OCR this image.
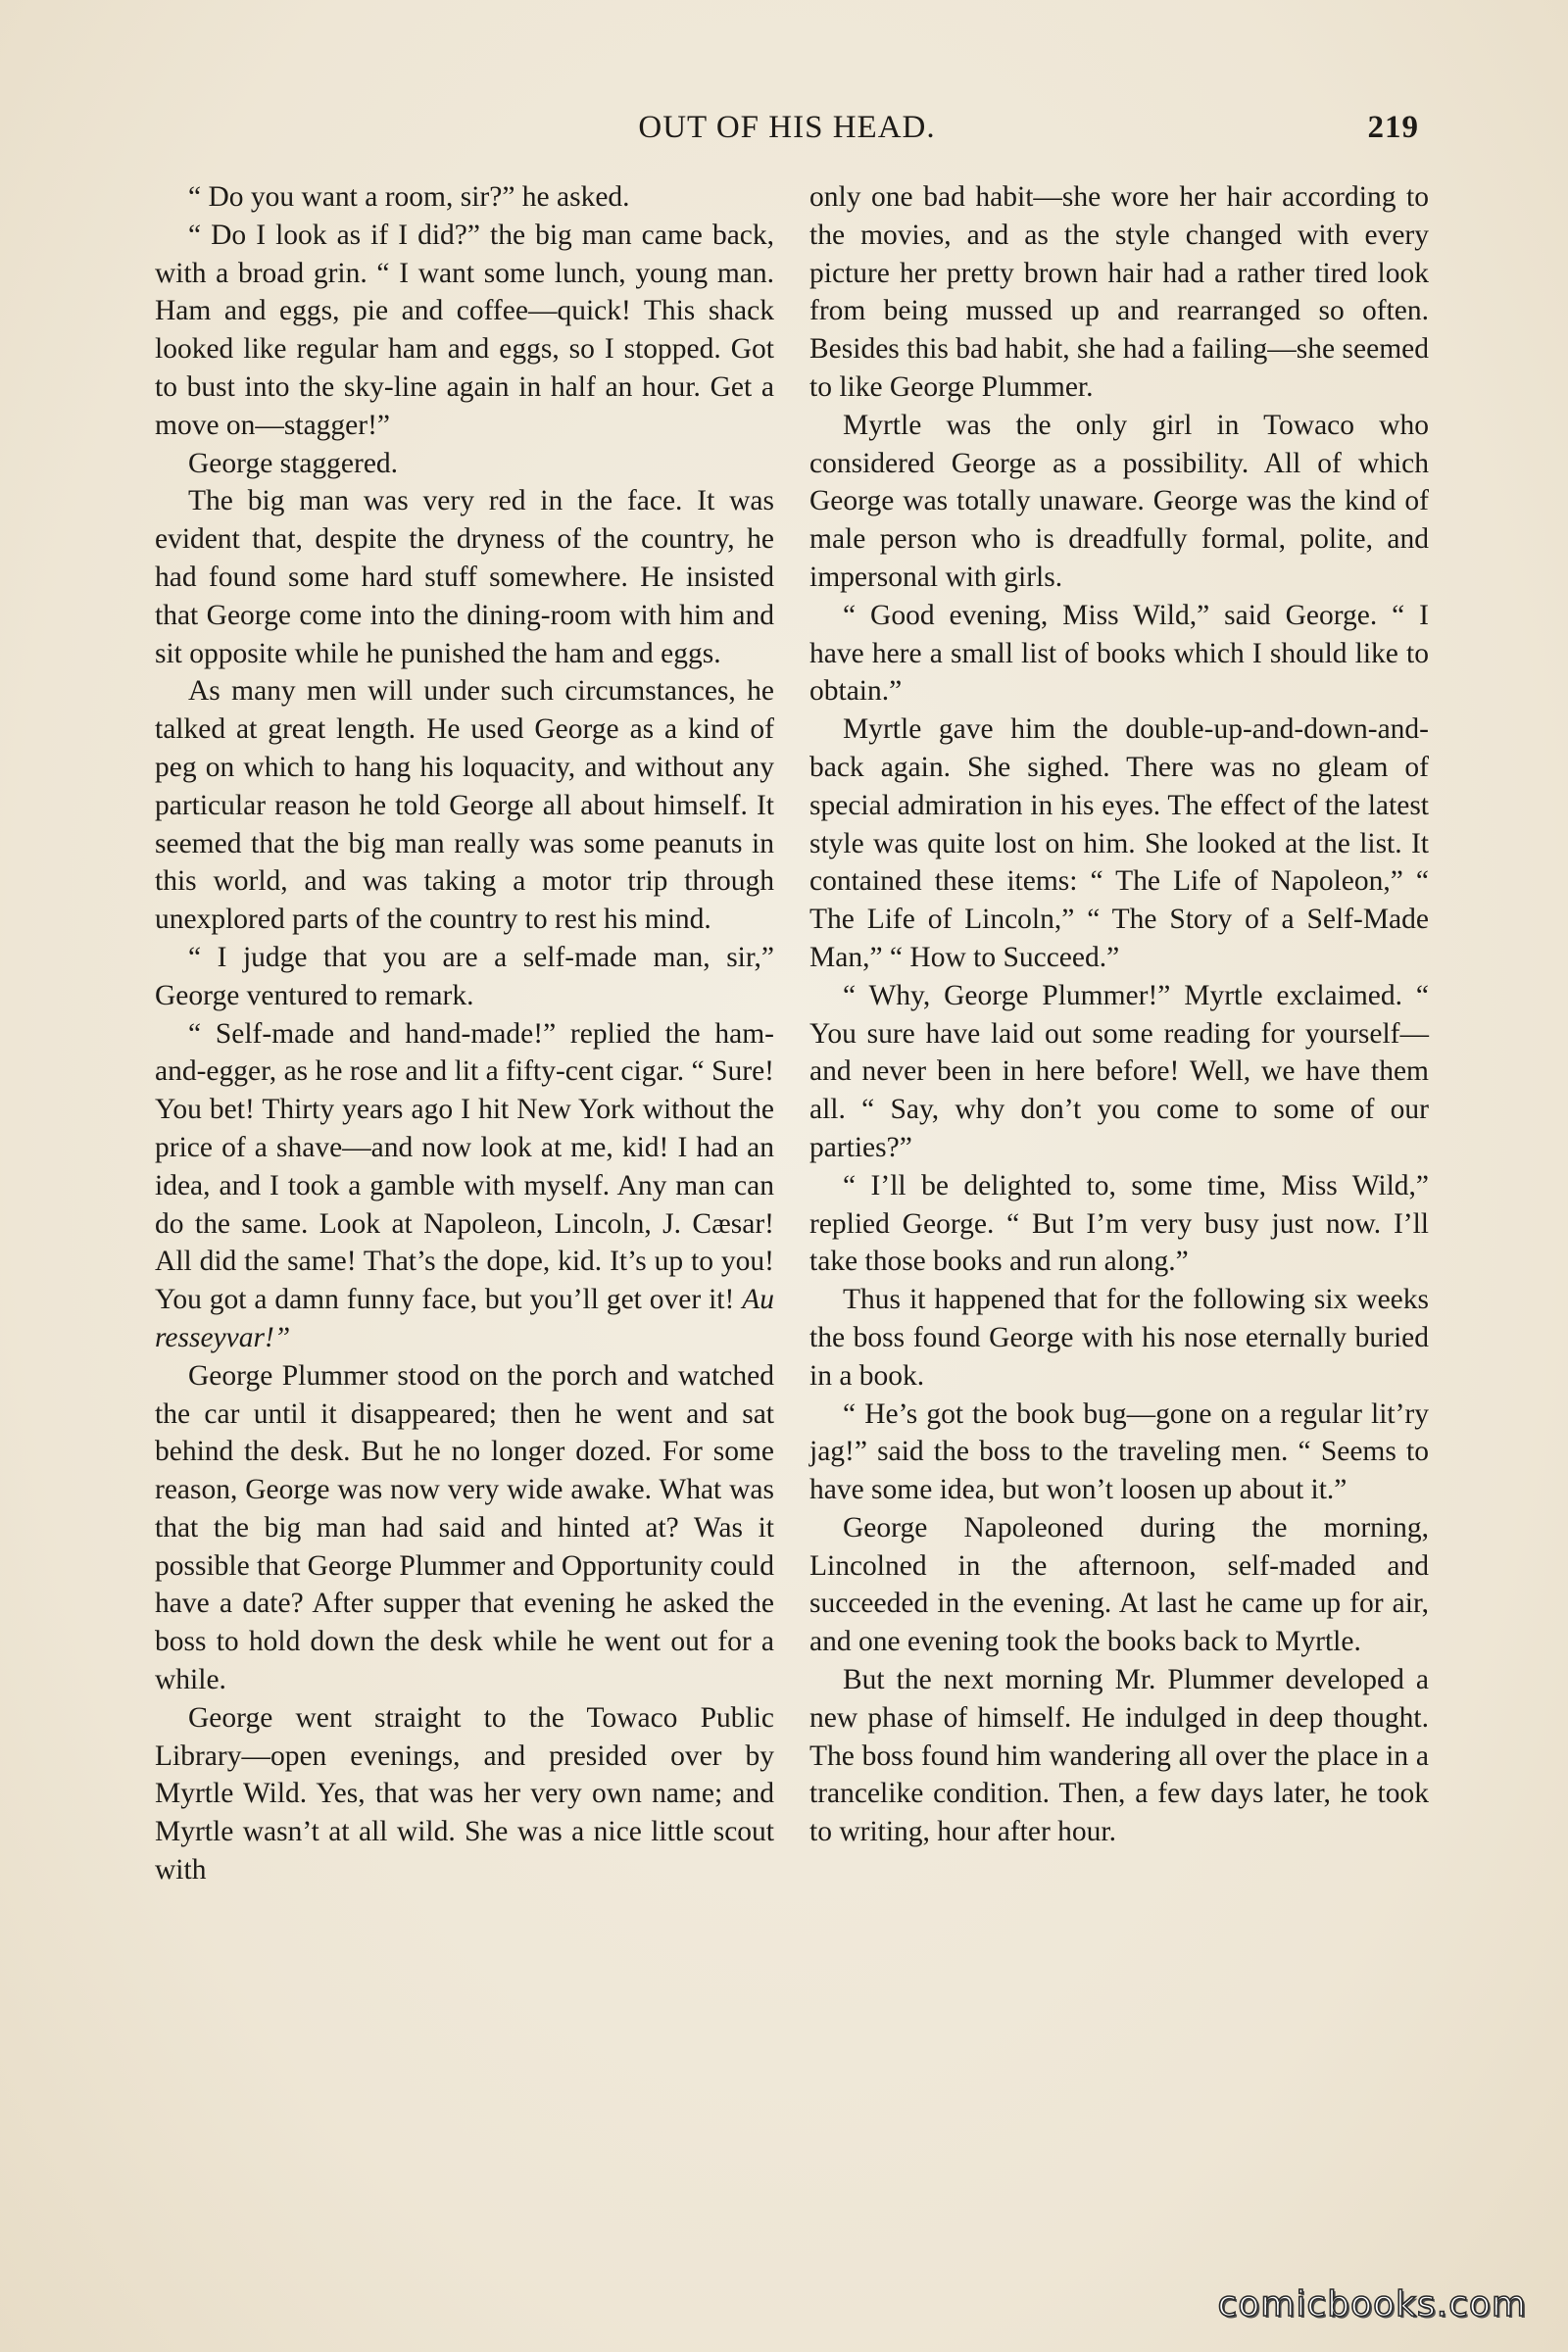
OUT OF HIS HEAD.	219

“ Do you want a room, sir?” he asked.

“ Do I look as if I did?” the big man came back, with a broad grin. “ I want some lunch, young man. Ham and eggs, pie and coffee—quick! This shack looked like regular ham and eggs, so I stopped. Got to bust into the sky-line again in half an hour. Get a move on—stagger!”

George staggered.

The big man was very red in the face. It was evident that, despite the dryness of the country, he had found some hard stuff somewhere. He insisted that George come into the dining-room with him and sit opposite while he punished the ham and eggs.

As many men will under such circumstances, he talked at great length. He used George as a kind of peg on which to hang his loquacity, and without any particular reason he told George all about himself. It seemed that the big man really was some peanuts in this world, and was taking a motor trip through unexplored parts of the country to rest his mind.

“ I judge that you are a self-made man, sir,” George ventured to remark.

“ Self-made and hand-made!” replied the ham-and-egger, as he rose and lit a fifty-cent cigar. “ Sure! You bet! Thirty years ago I hit New York without the price of a shave—and now look at me, kid! I had an idea, and I took a gamble with myself. Any man can do the same. Look at Napoleon, Lincoln, J. Cæsar! All did the same! That’s the dope, kid. It’s up to you! You got a damn funny face, but you’ll get over it! Au resseyvar!”

George Plummer stood on the porch and watched the car until it disappeared; then he went and sat behind the desk. But he no longer dozed. For some reason, George was now very wide awake. What was that the big man had said and hinted at? Was it possible that George Plummer and Opportunity could have a date? After supper that evening he asked the boss to hold down the desk while he went out for a while.

George went straight to the Towaco Public Library—open evenings, and presided over by Myrtle Wild. Yes, that was her very own name; and Myrtle wasn’t at all wild. She was a nice little scout with

only one bad habit—she wore her hair according to the movies, and as the style changed with every picture her pretty brown hair had a rather tired look from being mussed up and rearranged so often. Besides this bad habit, she had a failing—she seemed to like George Plummer.

Myrtle was the only girl in Towaco who considered George as a possibility. All of which George was totally unaware. George was the kind of male person who is dreadfully formal, polite, and impersonal with girls.

“ Good evening, Miss Wild,” said George. “ I have here a small list of books which I should like to obtain.”

Myrtle gave him the double-up-and-down-and-back again. She sighed. There was no gleam of special admiration in his eyes. The effect of the latest style was quite lost on him. She looked at the list. It contained these items: “ The Life of Napoleon,” “ The Life of Lincoln,” “ The Story of a Self-Made Man,” “ How to Succeed.”

“ Why, George Plummer!” Myrtle exclaimed. “ You sure have laid out some reading for yourself—and never been in here before! Well, we have them all. “ Say, why don’t you come to some of our parties?”

“ I’ll be delighted to, some time, Miss Wild,” replied George. “ But I’m very busy just now. I’ll take those books and run along.”

Thus it happened that for the following six weeks the boss found George with his nose eternally buried in a book.

“ He’s got the book bug—gone on a regular lit’ry jag!” said the boss to the traveling men. “ Seems to have some idea, but won’t loosen up about it.”

George Napoleoned during the morning, Lincolned in the afternoon, self-maded and succeeded in the evening. At last he came up for air, and one evening took the books back to Myrtle.

But the next morning Mr. Plummer developed a new phase of himself. He indulged in deep thought. The boss found him wandering all over the place in a trancelike condition. Then, a few days later, he took to writing, hour after hour.

comicbooks.com
